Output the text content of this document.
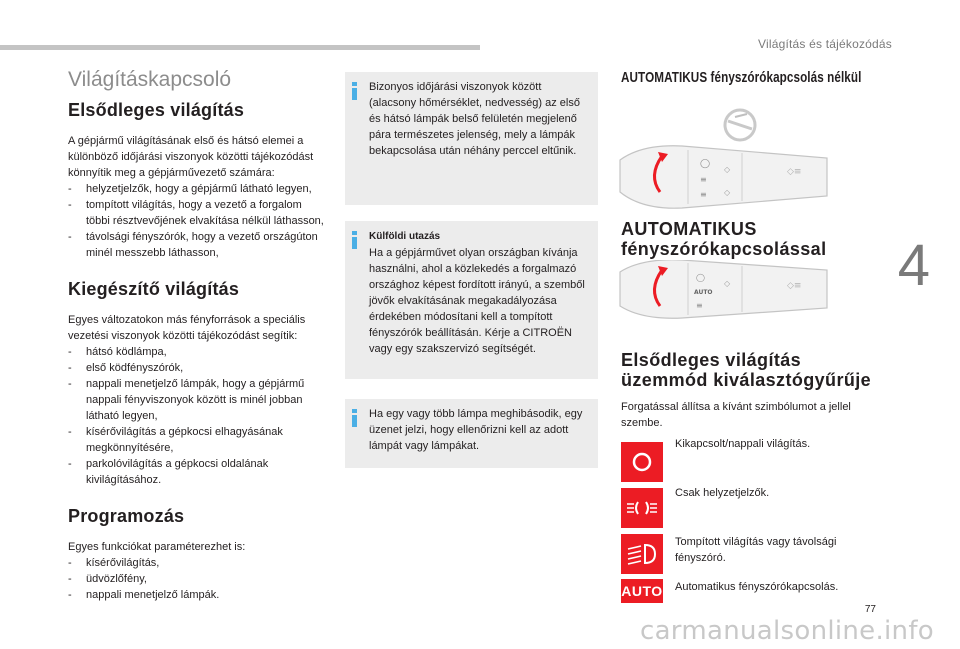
Világítás és tájékozódás
4
77
carmanualsonline.info
Világításkapcsoló
Elsődleges világítás

A gépjármű világításának első és hátsó elemei a különböző időjárási viszonyok közötti tájékozódást könnyítik meg a gépjárművezető számára:

- helyzetjelzők, hogy a gépjármű látható legyen,
- tompított világítás, hogy a vezető a forgalom többi résztvevőjének elvakítása nélkül láthasson,
- távolsági fényszórók, hogy a vezető országúton minél messzebb láthasson,
Kiegészítő világítás

Egyes változatokon más fényforrások a speciális vezetési viszonyok közötti tájékozódást segítik:

- hátsó ködlámpa,
- első ködfényszórók,
- nappali menetjelző lámpák, hogy a gépjármű nappali fényviszonyok között is minél jobban látható legyen,
- kísérővilágítás a gépkocsi elhagyásának megkönnyítésére,
- parkolóvilágítás a gépkocsi oldalának kivilágításához.
Programozás

Egyes funkciókat paraméterezhet is:

- kísérővilágítás,
- üdvözlőfény,
- nappali menetjelző lámpák.
Bizonyos időjárási viszonyok között (alacsony hőmérséklet, nedvesség) az első és hátsó lámpák belső felületén megjelenő pára természetes jelenség, mely a lámpák bekapcsolása után néhány perccel eltűnik.
Külföldi utazás
Ha a gépjárművet olyan országban kívánja használni, ahol a közlekedés a forgalmazó országhoz képest fordított irányú, a szemből jövők elvakításának megakadályozása érdekében módosítani kell a tompított fényszórók beállításán. Kérje a CITROËN vagy egy szakszervizó segítségét.
Ha egy vagy több lámpa meghibásodik, egy üzenet jelzi, hogy ellenőrizni kell az adott lámpát vagy lámpákat.
AUTOMATIKUS fényszórókapcsolás nélkül
◯
≡
≡
◇
◇
◇≡
AUTOMATIKUS
fényszórókapcsolással
◯
AUTO
≡
◇	◇≡
Elsődleges világítás
üzemmód kiválasztógyűrűje

Forgatással állítsa a kívánt szimbólumot a jellel szembe.

Kikapcsolt/nappali világítás.
Csak helyzetjelzők.
Tompított világítás vagy távolsági fényszóró.
AUTO Automatikus fényszórókapcsolás.
